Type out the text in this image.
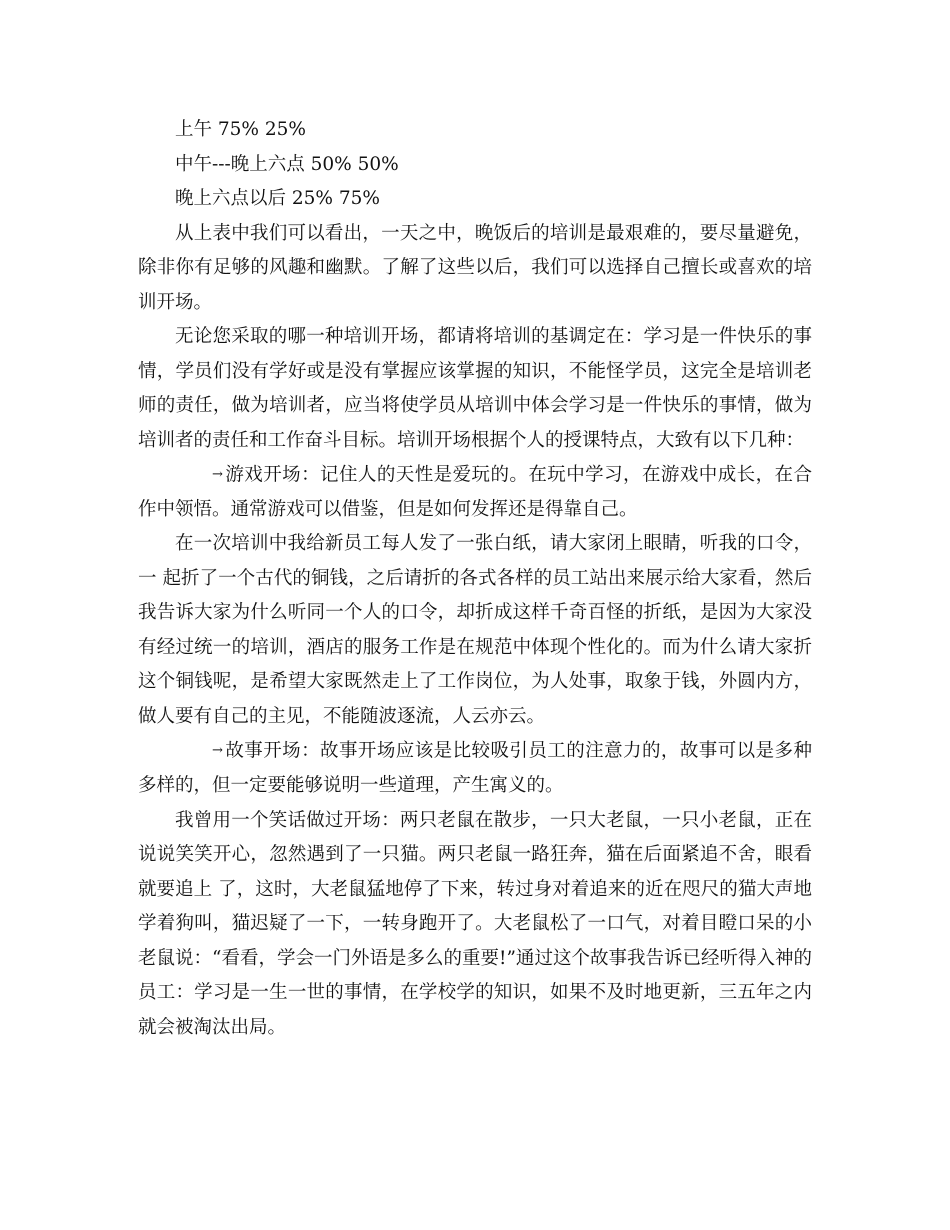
上午 75% 25%

中午---晚上六点 50% 50%

晚上六点以后 25% 75%

从上表中我们可以看出，一天之中，晚饭后的培训是最艰难的，要尽量避免，除非你有足够的风趣和幽默。了解了这些以后，我们可以选择自己擅长或喜欢的培训开场。

无论您采取的哪一种培训开场，都请将培训的基调定在：学习是一件快乐的事情，学员们没有学好或是没有掌握应该掌握的知识，不能怪学员，这完全是培训老师的责任，做为培训者，应当将使学员从培训中体会学习是一件快乐的事情，做为培训者的责任和工作奋斗目标。培训开场根据个人的授课特点，大致有以下几种：

→ 游戏开场：记住人的天性是爱玩的。在玩中学习，在游戏中成长，在合作中领悟。通常游戏可以借鉴，但是如何发挥还是得靠自己。

在一次培训中我给新员工每人发了一张白纸，请大家闭上眼睛，听我的口令，一 起折了一个古代的铜钱，之后请折的各式各样的员工站出来展示给大家看，然后我告诉大家为什么听同一个人的口令，却折成这样千奇百怪的折纸，是因为大家没有经过统一的培训，酒店的服务工作是在规范中体现个性化的。而为什么请大家折这个铜钱呢，是希望大家既然走上了工作岗位，为人处事，取象于钱，外圆内方，做人要有自己的主见，不能随波逐流，人云亦云。

→ 故事开场：故事开场应该是比较吸引员工的注意力的，故事可以是多种多样的，但一定要能够说明一些道理，产生寓义的。

我曾用一个笑话做过开场：两只老鼠在散步，一只大老鼠，一只小老鼠，正在说说笑笑开心，忽然遇到了一只猫。两只老鼠一路狂奔，猫在后面紧追不舍，眼看就要追上 了，这时，大老鼠猛地停了下来，转过身对着追来的近在咫尺的猫大声地学着狗叫，猫迟疑了一下，一转身跑开了。大老鼠松了一口气，对着目瞪口呆的小老鼠说：“看看，学会一门外语是多么的重要!”通过这个故事我告诉已经听得入神的员工：学习是一生一世的事情，在学校学的知识，如果不及时地更新，三五年之内就会被淘汰出局。
